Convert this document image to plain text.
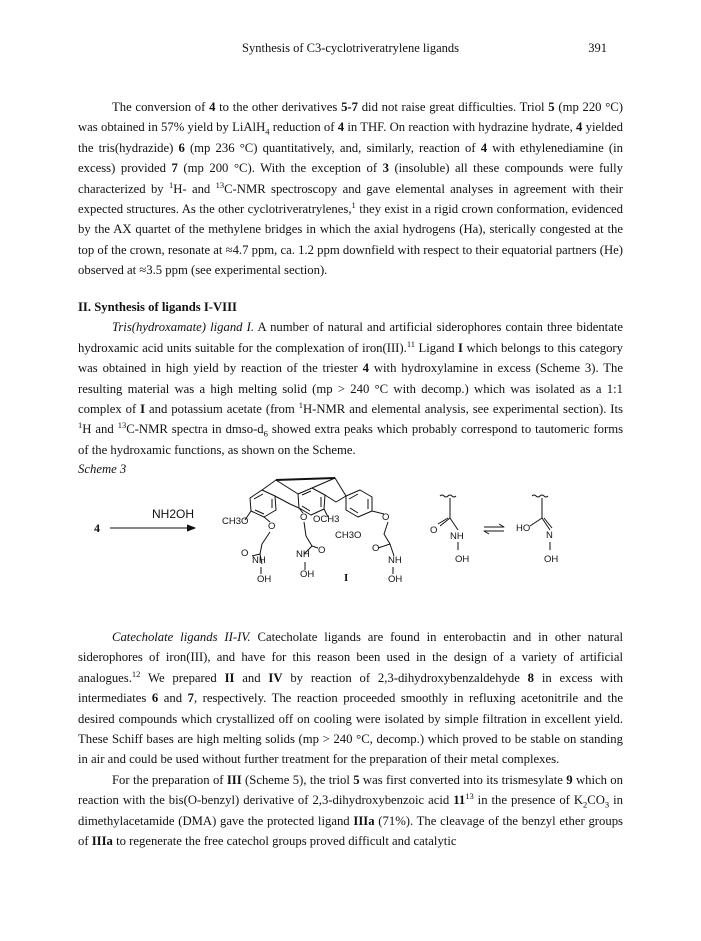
Synthesis of C3-cyclotriveratrylene ligands	391

The conversion of 4 to the other derivatives 5-7 did not raise great difficulties. Triol 5 (mp 220 °C) was obtained in 57% yield by LiAlH$_4$ reduction of 4 in THF. On reaction with hydrazine hydrate, 4 yielded the tris(hydrazide) 6 (mp 236 °C) quantitatively, and, similarly, reaction of 4 with ethylenediamine (in excess) provided 7 (mp 200 °C). With the exception of 3 (insoluble) all these compounds were fully characterized by $^1$H- and $^{13}$C-NMR spectroscopy and gave elemental analyses in agreement with their expected structures. As the other cyclotriveratrylenes,$^1$ they exist in a rigid crown conformation, evidenced by the AX quartet of the methylene bridges in which the axial hydrogens (Ha), sterically congested at the top of the crown, resonate at ≈4.7 ppm, ca. 1.2 ppm downfield with respect to their equatorial partners (He) observed at ≈3.5 ppm (see experimental section).

II. Synthesis of ligands I-VIII

Tris(hydroxamate) ligand I. A number of natural and artificial siderophores contain three bidentate hydroxamic acid units suitable for the complexation of iron(III).$^{11}$ Ligand I which belongs to this category was obtained in high yield by reaction of the triester 4 with hydroxylamine in excess (Scheme 3). The resulting material was a high melting solid (mp > 240 °C with decomp.) which was isolated as a 1:1 complex of I and potassium acetate (from $^1$H-NMR and elemental analysis, see experimental section). Its $^1$H and $^{13}$C-NMR spectra in dmso-$d_6$ showed extra peaks which probably correspond to tautomeric forms of the hydroxamic functions, as shown on the Scheme.

Scheme 3
4
NH2OH
CH3O O
O OCH3
CH3O
O
O
NH
OH
NH O
OH
O
NH
OH
I
O
NH
OH
HO
N
OH

Catecholate ligands II-IV. Catecholate ligands are found in enterobactin and in other natural siderophores of iron(III), and have for this reason been used in the design of a variety of artificial analogues.$^{12}$ We prepared II and IV by reaction of 2,3-dihydroxybenzaldehyde 8 in excess with intermediates 6 and 7, respectively. The reaction proceeded smoothly in refluxing acetonitrile and the desired compounds which crystallized off on cooling were isolated by simple filtration in excellent yield. These Schiff bases are high melting solids (mp > 240 °C, decomp.) which proved to be stable on standing in air and could be used without further treatment for the preparation of their metal complexes.

For the preparation of III (Scheme 5), the triol 5 was first converted into its trismesylate 9 which on reaction with the bis(O-benzyl) derivative of 2,3-dihydroxybenzoic acid $11^{13}$ in the presence of $K_2CO_3$ in dimethylacetamide (DMA) gave the protected ligand IIIa (71%). The cleavage of the benzyl ether groups of IIIa to regenerate the free catechol groups proved difficult and catalytic
